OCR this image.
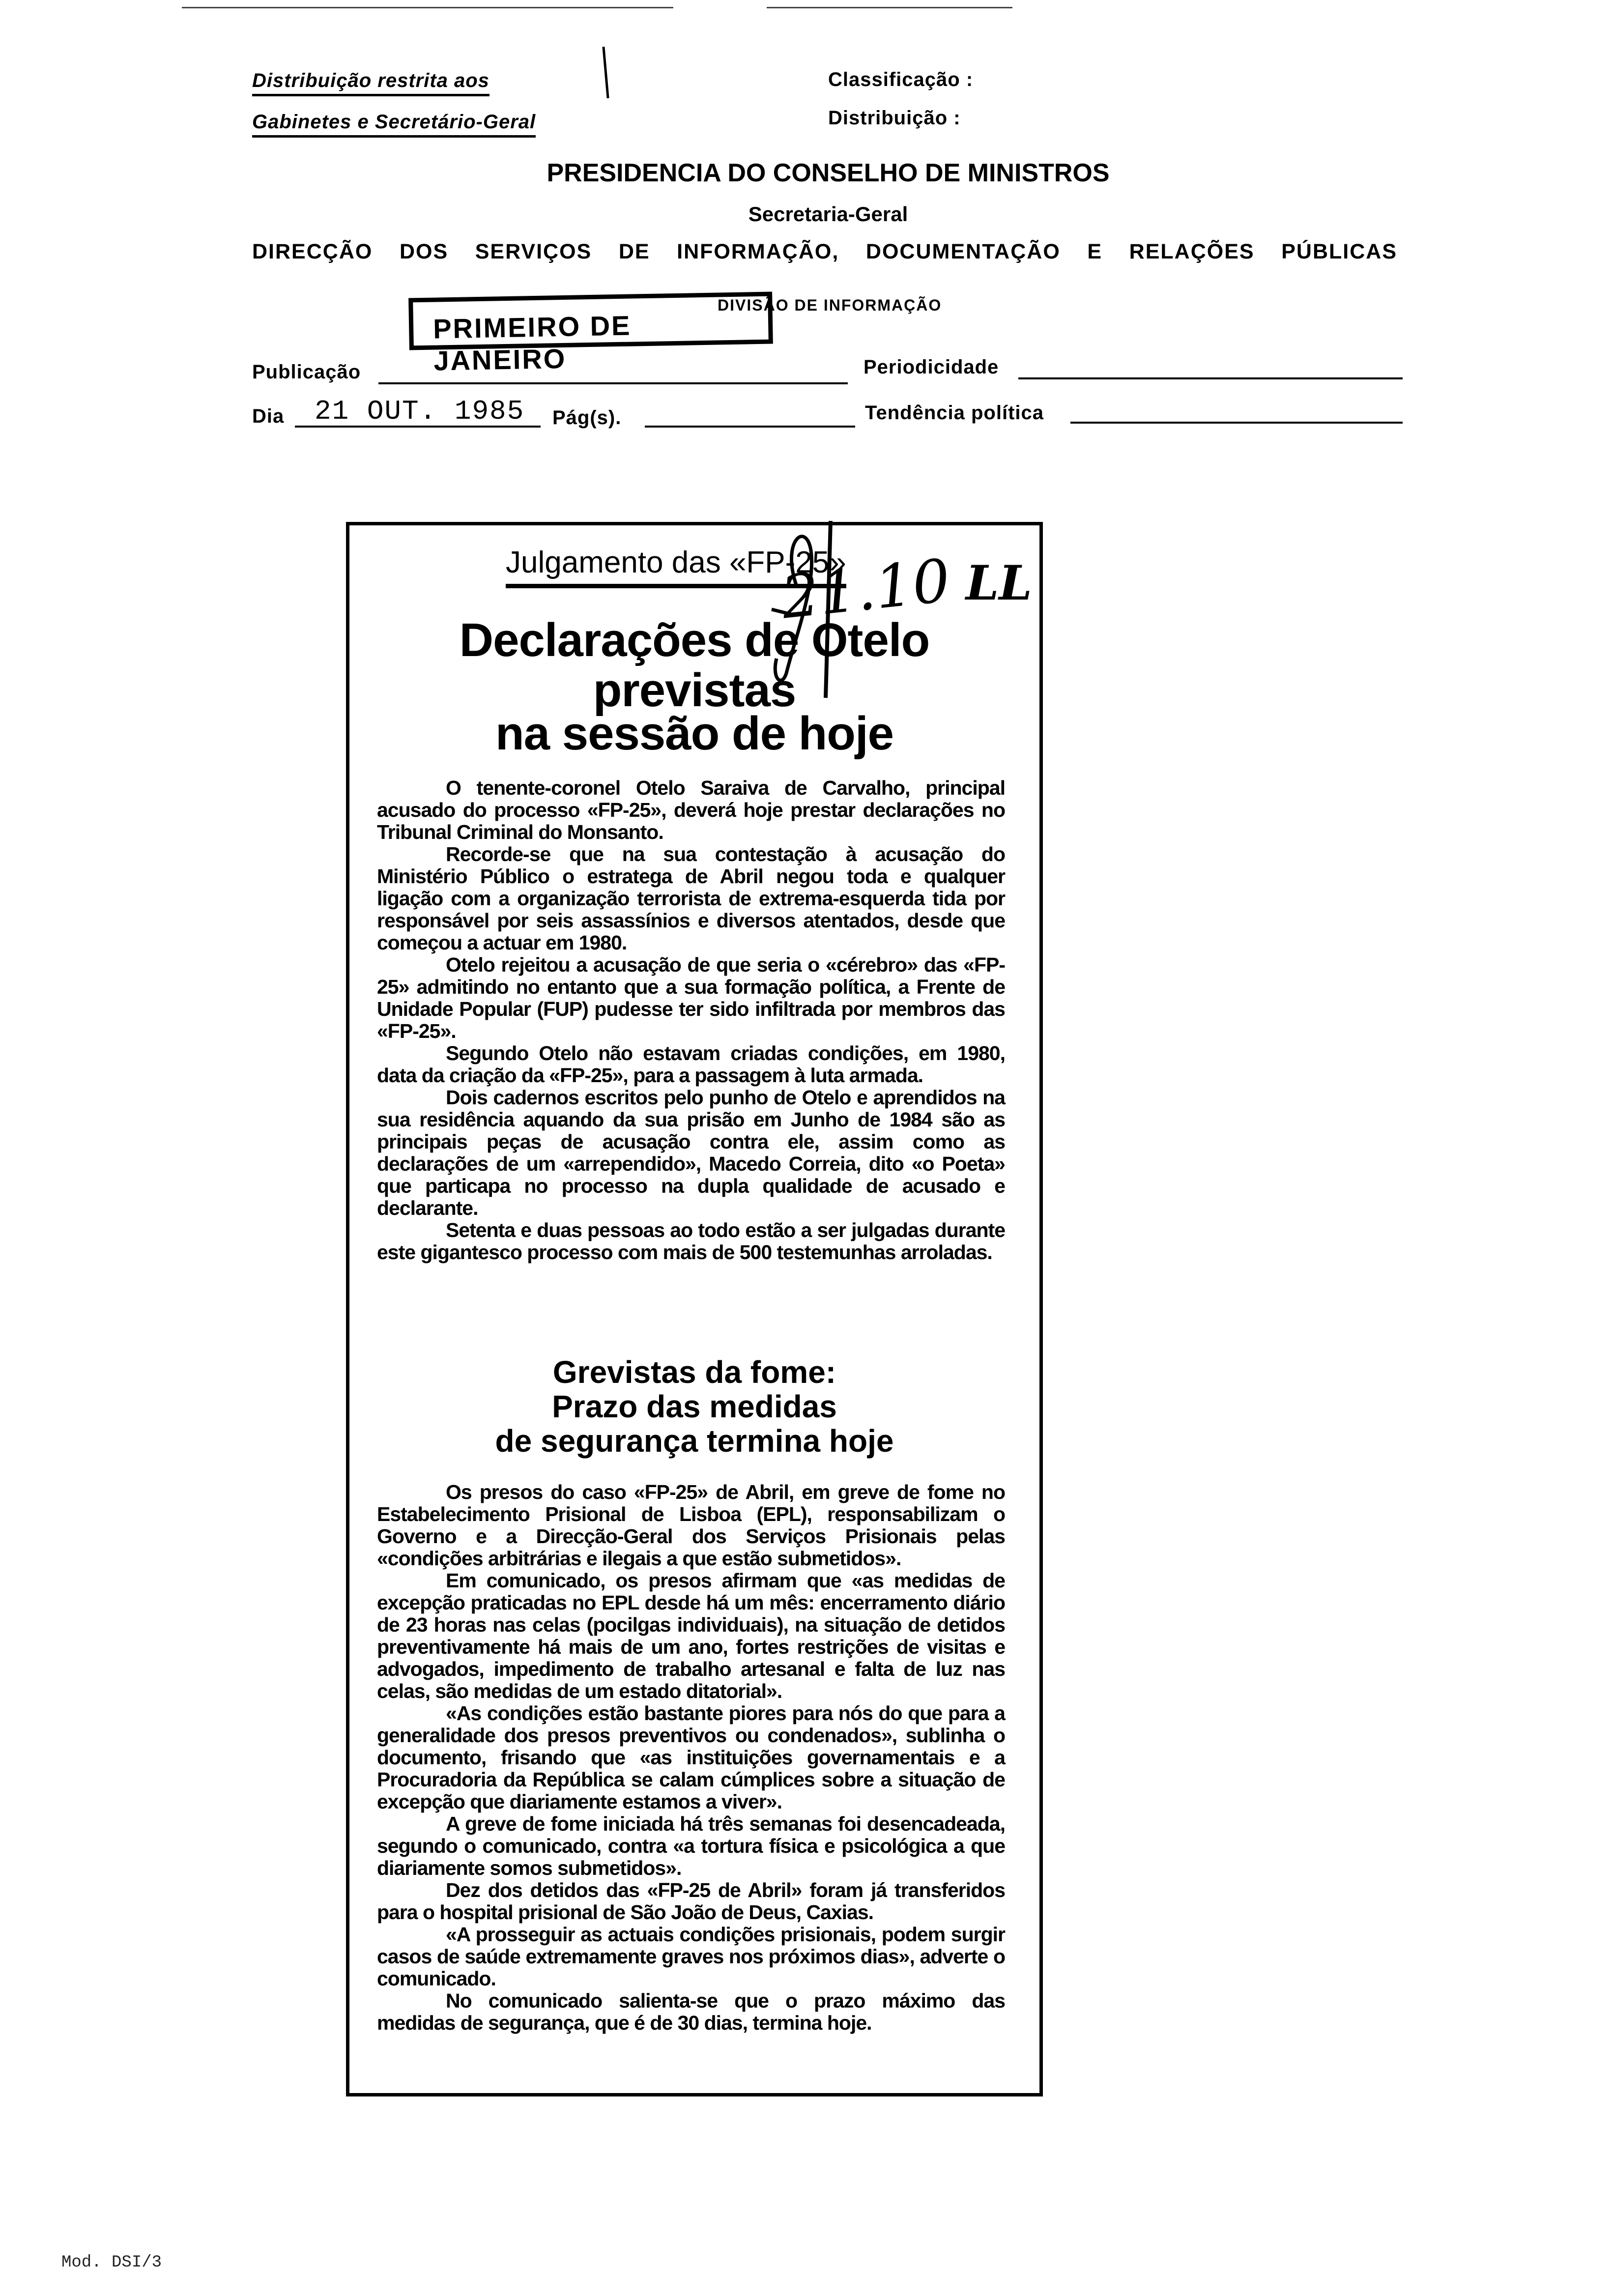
Distribuição restrita aos
Gabinetes e Secretário-Geral
Classificação :
Distribuição :
PRESIDENCIA DO CONSELHO DE MINISTROS
Secretaria-Geral
DIRECÇÃO DOS SERVIÇOS DE INFORMAÇÃO, DOCUMENTAÇÃO E RELAÇÕES PÚBLICAS
PRIMEIRO DE JANEIRO
DIVISÃO DE INFORMAÇÃO
Publicação	Periodicidade
Dia 21 OUT. 1985 Pág(s).	Tendência política
Julgamento das «FP-25»
Declarações de Otelo
previstas
na sessão de hoje

O tenente-coronel Otelo Saraiva de Carvalho, principal acusado do processo «FP-25», deverá hoje prestar declarações no Tribunal Criminal do Monsanto.

Recorde-se que na sua contestação à acusação do Ministério Público o estratega de Abril negou toda e qualquer ligação com a organização terrorista de extrema-esquerda tida por responsável por seis assassínios e diversos atentados, desde que começou a actuar em 1980.

Otelo rejeitou a acusação de que seria o «cérebro» das «FP-25» admitindo no entanto que a sua formação política, a Frente de Unidade Popular (FUP) pudesse ter sido infiltrada por membros das «FP-25».

Segundo Otelo não estavam criadas condições, em 1980, data da criação da «FP-25», para a passagem à luta armada.

Dois cadernos escritos pelo punho de Otelo e aprendidos na sua residência aquando da sua prisão em Junho de 1984 são as principais peças de acusação contra ele, assim como as declarações de um «arrependido», Macedo Correia, dito «o Poeta» que particapa no processo na dupla qualidade de acusado e declarante.

Setenta e duas pessoas ao todo estão a ser julgadas durante este gigantesco processo com mais de 500 testemunhas arroladas.

Grevistas da fome:
Prazo das medidas
de segurança termina hoje

Os presos do caso «FP-25» de Abril, em greve de fome no Estabelecimento Prisional de Lisboa (EPL), responsabilizam o Governo e a Direcção-Geral dos Serviços Prisionais pelas «condições arbitrárias e ilegais a que estão submetidos».

Em comunicado, os presos afirmam que «as medidas de excepção praticadas no EPL desde há um mês: encerramento diário de 23 horas nas celas (pocilgas individuais), na situação de detidos preventivamente há mais de um ano, fortes restrições de visitas e advogados, impedimento de trabalho artesanal e falta de luz nas celas, são medidas de um estado ditatorial».

«As condições estão bastante piores para nós do que para a generalidade dos presos preventivos ou condenados», sublinha o documento, frisando que «as instituições governamentais e a Procuradoria da República se calam cúmplices sobre a situação de excepção que diariamente estamos a viver».

A greve de fome iniciada há três semanas foi desencadeada, segundo o comunicado, contra «a tortura física e psicológica a que diariamente somos submetidos».

Dez dos detidos das «FP-25 de Abril» foram já transferidos para o hospital prisional de São João de Deus, Caxias.

«A prosseguir as actuais condições prisionais, podem surgir casos de saúde extremamente graves nos próximos dias», adverte o comunicado.

No comunicado salienta-se que o prazo máximo das medidas de segurança, que é de 30 dias, termina hoje.

21.10 LL
Mod. DSI/3
